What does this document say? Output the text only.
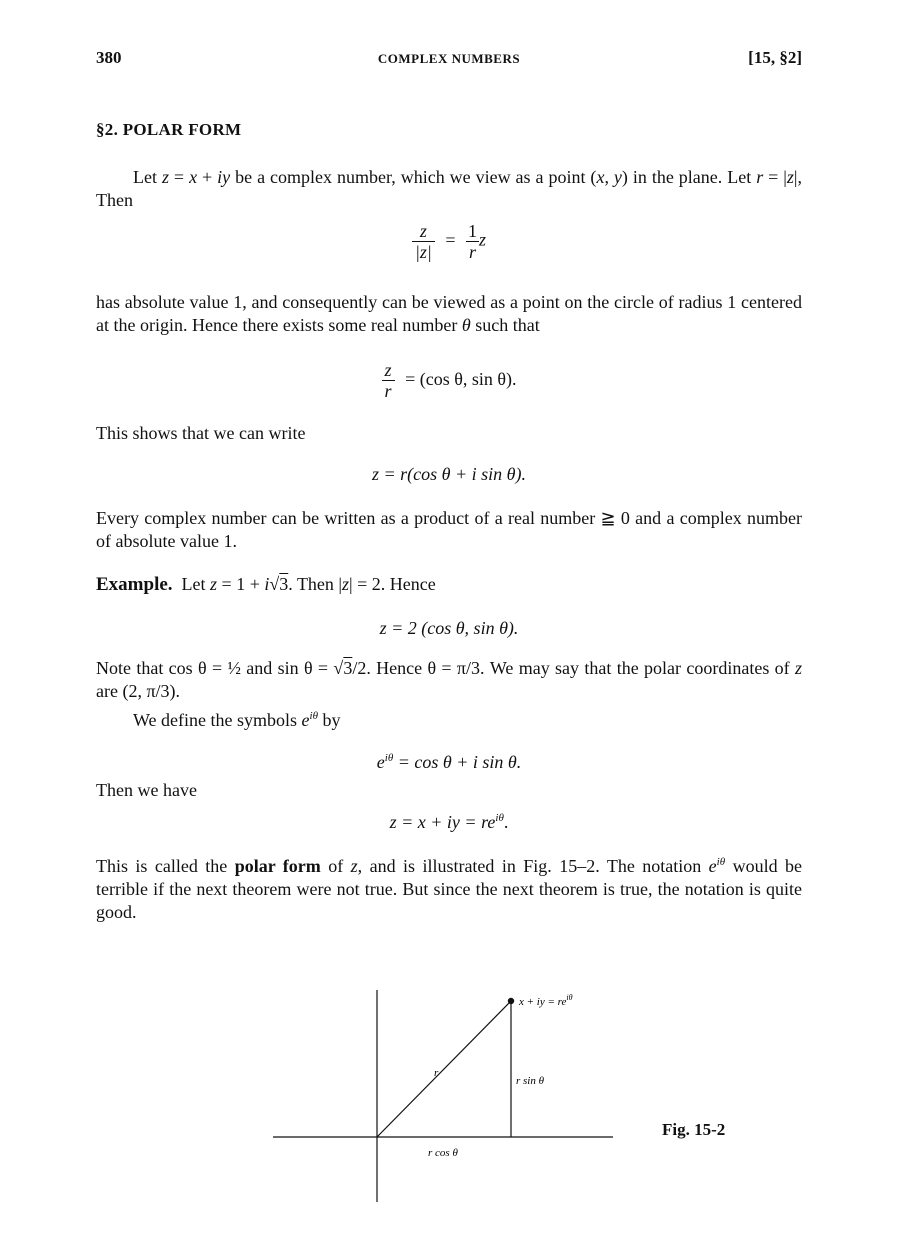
380	COMPLEX NUMBERS	[15, §2]
§2. POLAR FORM
Let z = x + iy be a complex number, which we view as a point (x, y) in the plane. Let r = |z|, Then
$\frac{z}{|z|} = \frac{1}{r}$ z
has absolute value 1, and consequently can be viewed as a point on the circle of radius 1 centered at the origin. Hence there exists some real number θ such that
$\frac{z}{r} = (\cos$ θ, sin θ).
This shows that we can write
z = r(cos θ + i sin θ).
Every complex number can be written as a product of a real number ≧ 0 and a complex number of absolute value 1.
Example. Let z = 1 + i√3. Then |z| = 2. Hence
z = 2 (cos θ, sin θ).
Note that cos θ = ½ and sin θ = √3/2. Hence θ = π/3. We may say that the polar coordinates of z are (2, π/3).
We define the symbols $e^{i\theta}$ by
$e^{i\theta} = \cos \theta + i$ sin θ.
Then we have
z = x + iy = $re^{i\theta}$.
This is called the polar form of z, and is illustrated in Fig. 15–2. The notation $e^{i\theta}$ would be terrible if the next theorem were not true. But since the next theorem is true, the notation is quite good.
x + iy = $re^{i\theta}$
r
r sin θ
r cos θ
Fig. 15-2
